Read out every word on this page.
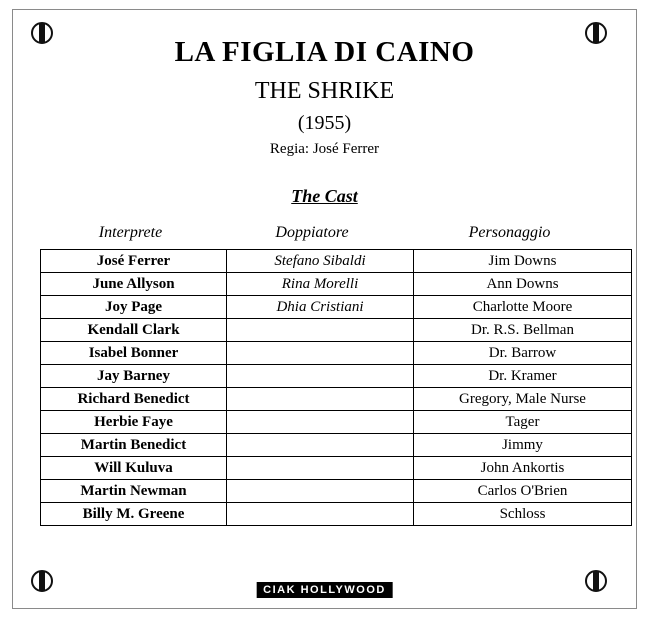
LA FIGLIA DI CAINO
THE SHRIKE
(1955)
Regia: José Ferrer
The Cast
Interprete	Doppiatore	Personaggio
José Ferrer	Stefano Sibaldi	Jim Downs
June Allyson	Rina Morelli	Ann Downs
Joy Page	Dhia Cristiani	Charlotte Moore
Kendall Clark		Dr. R.S. Bellman
Isabel Bonner		Dr. Barrow
Jay Barney		Dr. Kramer
Richard Benedict		Gregory, Male Nurse
Herbie Faye		Tager
Martin Benedict		Jimmy
Will Kuluva		John Ankortis
Martin Newman		Carlos O'Brien
Billy M. Greene		Schloss
CIAK HOLLYWOOD
